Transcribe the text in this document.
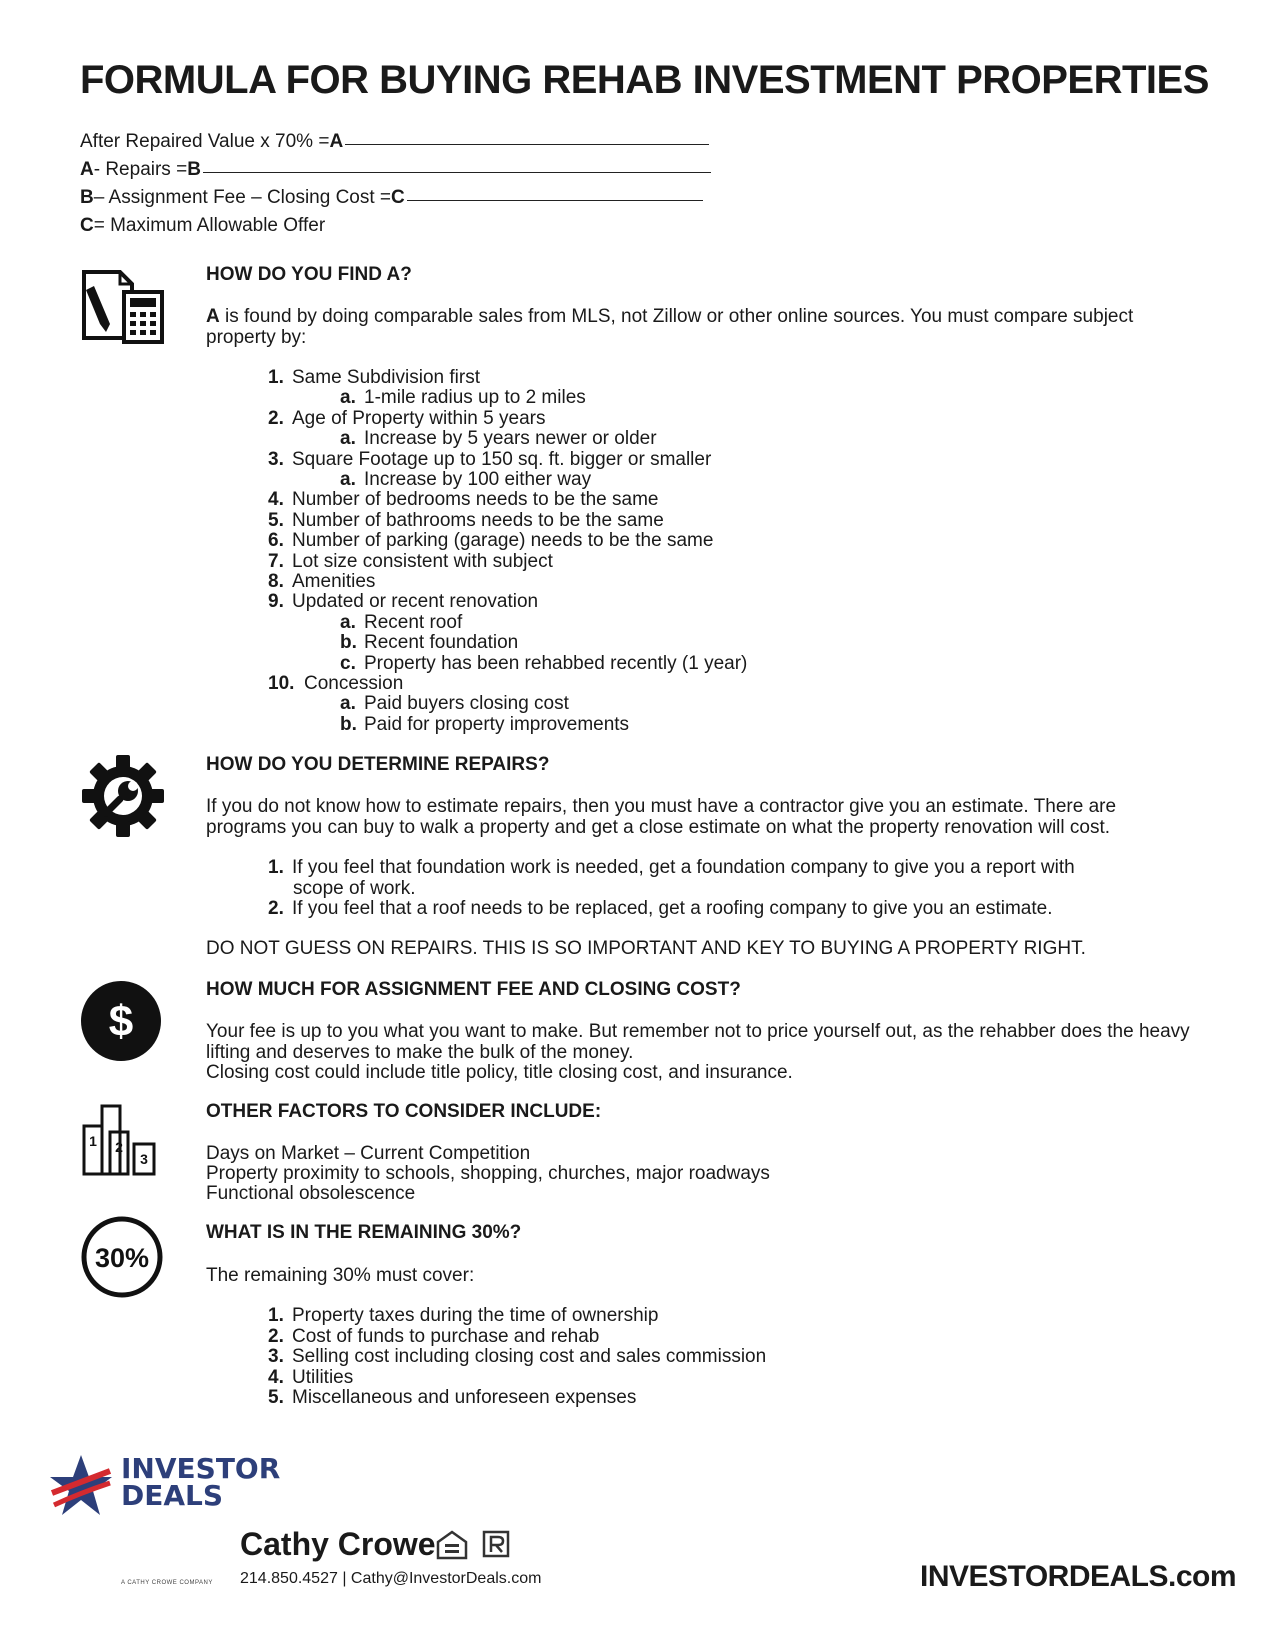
FORMULA FOR BUYING REHAB INVESTMENT PROPERTIES
After Repaired Value x 70% = A
A - Repairs = B
B – Assignment Fee – Closing Cost = C
C = Maximum Allowable Offer
HOW DO YOU FIND A?

A is found by doing comparable sales from MLS, not Zillow or other online sources. You must compare subject property by:

1. Same Subdivision first
a. 1-mile radius up to 2 miles
2. Age of Property within 5 years
a. Increase by 5 years newer or older
3. Square Footage up to 150 sq. ft. bigger or smaller
a. Increase by 100 either way
4. Number of bedrooms needs to be the same
5. Number of bathrooms needs to be the same
6. Number of parking (garage) needs to be the same
7. Lot size consistent with subject
8. Amenities
9. Updated or recent renovation
a. Recent roof
b. Recent foundation
c. Property has been rehabbed recently (1 year)
10. Concession
a. Paid buyers closing cost
b. Paid for property improvements
HOW DO YOU DETERMINE REPAIRS?

If you do not know how to estimate repairs, then you must have a contractor give you an estimate. There are programs you can buy to walk a property and get a close estimate on what the property renovation will cost.

1. If you feel that foundation work is needed, get a foundation company to give you a report with
scope of work.
2. If you feel that a roof needs to be replaced, get a roofing company to give you an estimate.

DO NOT GUESS ON REPAIRS. THIS IS SO IMPORTANT AND KEY TO BUYING A PROPERTY RIGHT.

$
HOW MUCH FOR ASSIGNMENT FEE AND CLOSING COST?

Your fee is up to you what you want to make. But remember not to price yourself out, as the rehabber does the heavy lifting and deserves to make the bulk of the money.

Closing cost could include title policy, title closing cost, and insurance.

1 2
3
OTHER FACTORS TO CONSIDER INCLUDE:

Days on Market – Current Competition

Property proximity to schools, shopping, churches, major roadways

Functional obsolescence

30%
WHAT IS IN THE REMAINING 30%?

The remaining 30% must cover:

1. Property taxes during the time of ownership
2. Cost of funds to purchase and rehab
3. Selling cost including closing cost and sales commission
4. Utilities
5. Miscellaneous and unforeseen expenses
INVESTOR
DEALS
A CATHY CROWE COMPANY
Cathy Crowe
214.850.4527 | Cathy@InvestorDeals.com	INVESTORDEALS.com
